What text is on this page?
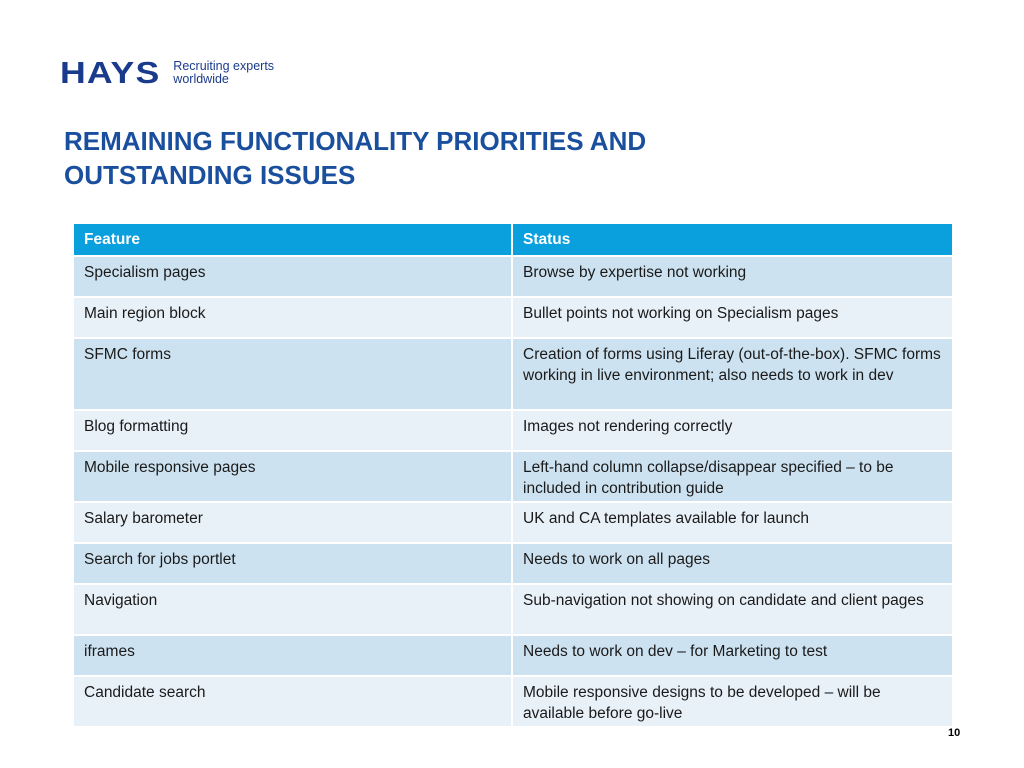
HAYS Recruiting experts
worldwide
REMAINING FUNCTIONALITY PRIORITIES AND
OUTSTANDING ISSUES
Feature	Status
Specialism pages	Browse by expertise not working
Main region block	Bullet points not working on Specialism pages
SFMC forms	Creation of forms using Liferay (out-of-the-box). SFMC forms working in live environment; also needs to work in dev
Blog formatting	Images not rendering correctly
Mobile responsive pages	Left-hand column collapse/disappear specified – to be included in contribution guide
Salary barometer	UK and CA templates available for launch
Search for jobs portlet	Needs to work on all pages
Navigation	Sub-navigation not showing on candidate and client pages
iframes	Needs to work on dev – for Marketing to test
Candidate search	Mobile responsive designs to be developed – will be available before go-live
10
